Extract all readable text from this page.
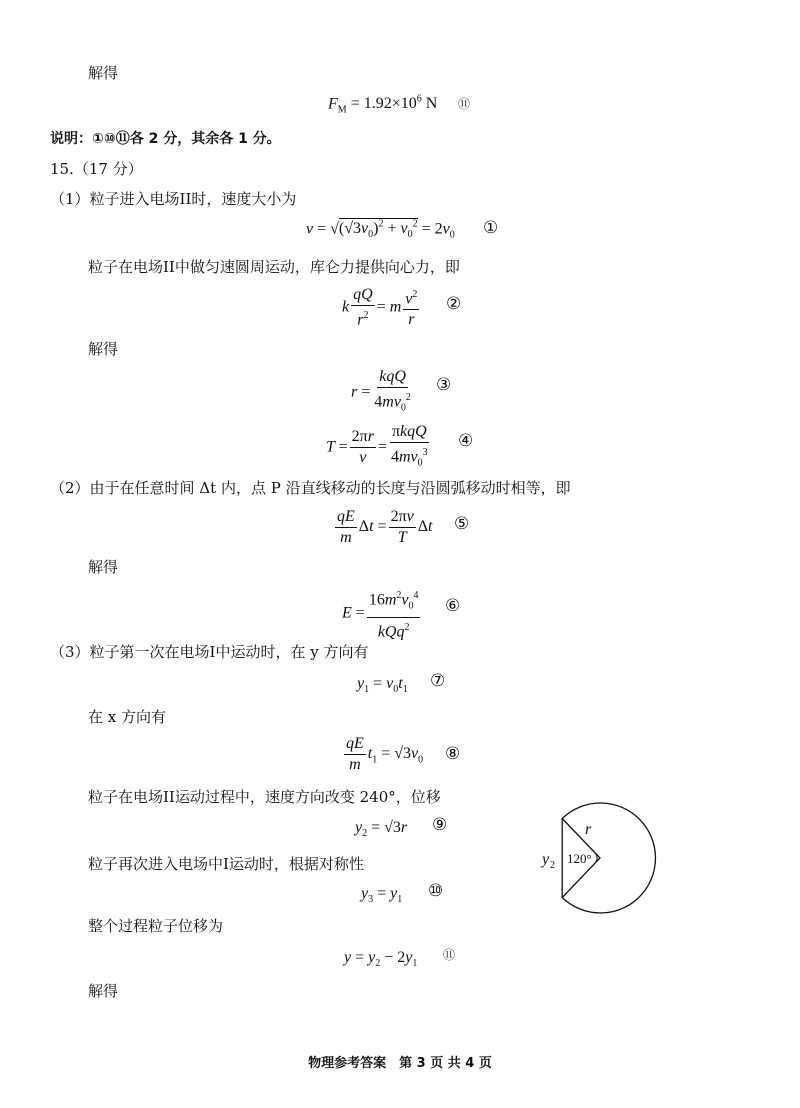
解得
$F_M = 1.92\times 10^6$ N ⑪
说明：①⑩⑪各 2 分，其余各 1 分。
15.（17 分）
（1）粒子进入电场II时，速度大小为
$v = √(√3v_0)^2 + v_0^2 = 2v_0$ ①
粒子在电场II中做匀速圆周运动，库仑力提供向心力，即
k $\frac{qQ}{r^2} = m \frac{v^2}{r}$ ②
解得
$r = \frac{\text{kqQ}}{4mv_0^2}$ ③
$T = \frac{2\pi r}{v} = \frac{\text{πkqQ}}{4mv_0^3}$ ④
（2）由于在任意时间 Δt 内，点 P 沿直线移动的长度与沿圆弧移动时相等，即
$\frac{qE}{m}$ $\Delta t = \frac{2\pi v}{T}$ Δt ⑤
解得
$E = \frac{16m^2v_0^4}{kQq^2}$ ⑥
（3）粒子第一次在电场I中运动时，在 y 方向有
$y_1 = v_0t_1$ ⑦
在 x 方向有
$\frac{qE}{m} t_1 = √3v_0$ ⑧
粒子在电场II运动过程中，速度方向改变 240°，位移
$y_2 = √3r$ ⑨
粒子再次进入电场中I运动时，根据对称性
$y_3 = y_1$ ⑩
整个过程粒子位移为
$y = y_2 - 2y_1$
⑪
解得
r
120°
y 2
物理参考答案　第 3 页 共 4 页
